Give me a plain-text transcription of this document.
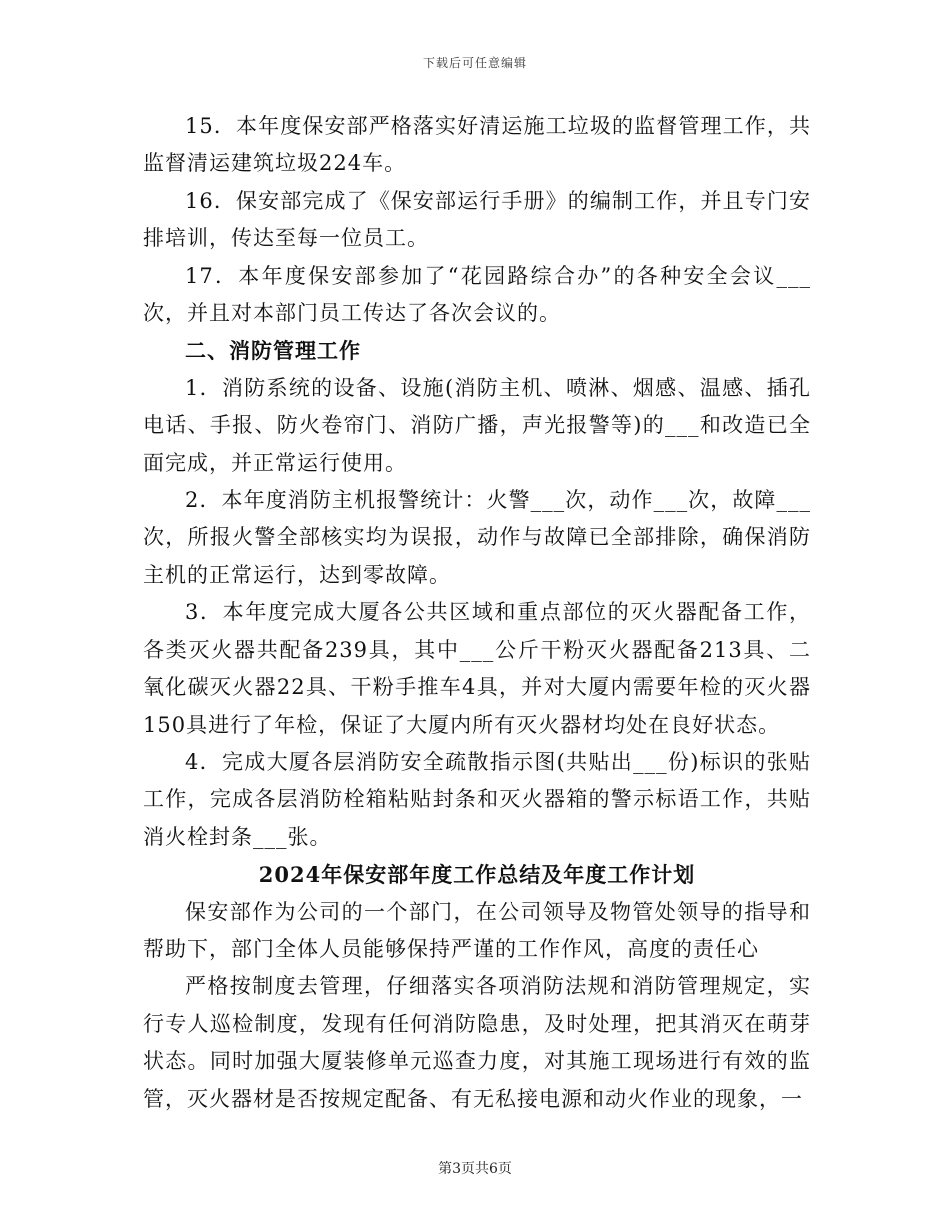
下载后可任意编辑

15．本年度保安部严格落实好清运施工垃圾的监督管理工作，共监督清运建筑垃圾224车。

16．保安部完成了《保安部运行手册》的编制工作，并且专门安排培训，传达至每一位员工。

17．本年度保安部参加了“花园路综合办”的各种安全会议___次，并且对本部门员工传达了各次会议的。

二、消防管理工作

1．消防系统的设备、设施(消防主机、喷淋、烟感、温感、插孔电话、手报、防火卷帘门、消防广播，声光报警等)的___和改造已全面完成，并正常运行使用。

2．本年度消防主机报警统计：火警___次，动作___次，故障___次，所报火警全部核实均为误报，动作与故障已全部排除，确保消防主机的正常运行，达到零故障。

3．本年度完成大厦各公共区域和重点部位的灭火器配备工作，各类灭火器共配备239具，其中___公斤干粉灭火器配备213具、二氧化碳灭火器22具、干粉手推车4具，并对大厦内需要年检的灭火器150具进行了年检，保证了大厦内所有灭火器材均处在良好状态。

4．完成大厦各层消防安全疏散指示图(共贴出___份)标识的张贴工作，完成各层消防栓箱粘贴封条和灭火器箱的警示标语工作，共贴消火栓封条___张。

2024年保安部年度工作总结及年度工作计划

保安部作为公司的一个部门，在公司领导及物管处领导的指导和帮助下，部门全体人员能够保持严谨的工作作风，高度的责任心

严格按制度去管理，仔细落实各项消防法规和消防管理规定，实行专人巡检制度，发现有任何消防隐患，及时处理，把其消灭在萌芽状态。同时加强大厦装修单元巡查力度，对其施工现场进行有效的监管，灭火器材是否按规定配备、有无私接电源和动火作业的现象，一

第3页共6页
